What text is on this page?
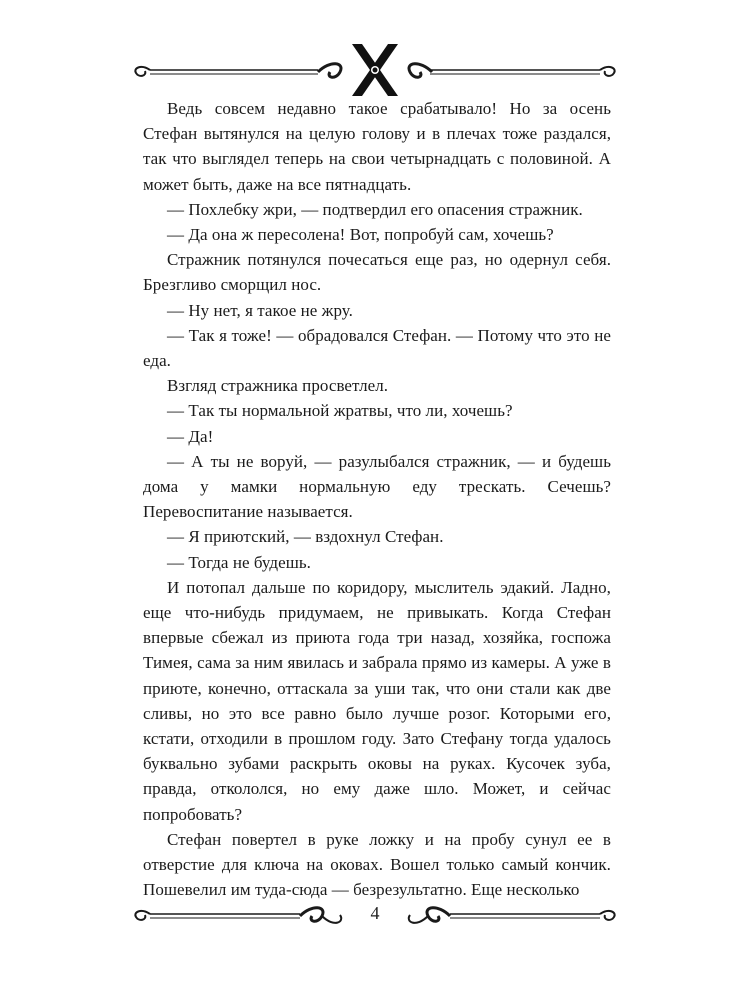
Ведь совсем недавно такое срабатывало! Но за осень Стефан вытянулся на целую голову и в плечах тоже раздался, так что выглядел теперь на свои четырнадцать с половиной. А может быть, даже на все пятнадцать.

— Похлебку жри, — подтвердил его опасения стражник.

— Да она ж пересолена! Вот, попробуй сам, хочешь?

Стражник потянулся почесаться еще раз, но одернул себя. Брезгливо сморщил нос.

— Ну нет, я такое не жру.

— Так я тоже! — обрадовался Стефан. — Потому что это не еда.

Взгляд стражника просветлел.

— Так ты нормальной жратвы, что ли, хочешь?

— Да!

— А ты не воруй, — разулыбался стражник, — и будешь дома у мамки нормальную еду трескать. Сечешь? Перевоспитание называется.

— Я приютский, — вздохнул Стефан.

— Тогда не будешь.

И потопал дальше по коридору, мыслитель эдакий. Ладно, еще что-нибудь придумаем, не привыкать. Когда Стефан впервые сбежал из приюта года три назад, хозяйка, госпожа Тимея, сама за ним явилась и забрала прямо из камеры. А уже в приюте, конечно, оттаскала за уши так, что они стали как две сливы, но это все равно было лучше розог. Которыми его, кстати, отходили в прошлом году. Зато Стефану тогда удалось буквально зубами раскрыть оковы на руках. Кусочек зуба, правда, откололся, но ему даже шло. Может, и сейчас попробовать?

Стефан повертел в руке ложку и на пробу сунул ее в отверстие для ключа на оковах. Вошел только самый кончик. Пошевелил им туда-сюда — безрезультатно. Еще несколько

4
